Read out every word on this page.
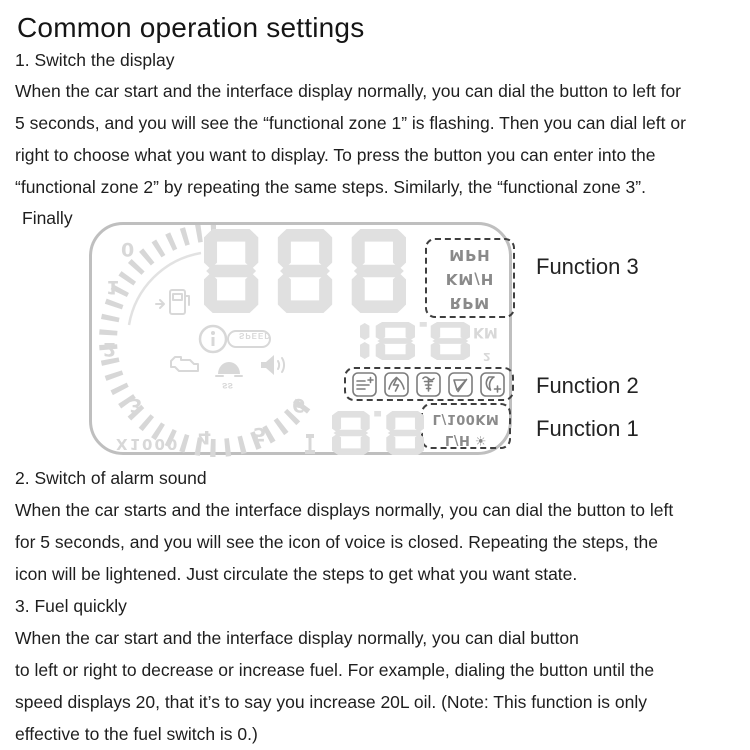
Common operation settings
1. Switch the display
When the car start and the interface display normally, you can dial the button to left for
5 seconds, and you will see the “functional zone 1” is flashing. Then you can dial left or
right to choose what you want to display. To press the button you can enter into the
“functional zone 2” by repeating the same steps. Similarly, the “functional zone 3”.
Finally
2. Switch of alarm sound
When the car starts and the interface displays normally, you can dial the button to left
for 5 seconds, and you will see the icon of voice is closed. Repeating the steps, the
icon will be lightened. Just circulate the steps to get what you want state.
3. Fuel quickly
When the car start and the interface display normally, you can dial button
to left or right to decrease or increase fuel. For example, dialing the button until the
speed displays 20, that it’s to say you increase 20L oil. (Note: This function is only
effective to the fuel switch is 0.)
Function 3
Function 2
Function 1
0
1
2
3
4 5
6
X1000
SPEED
ss
KM
2
MPH
KM/H
RPM
L/100KM
L/H ☀
